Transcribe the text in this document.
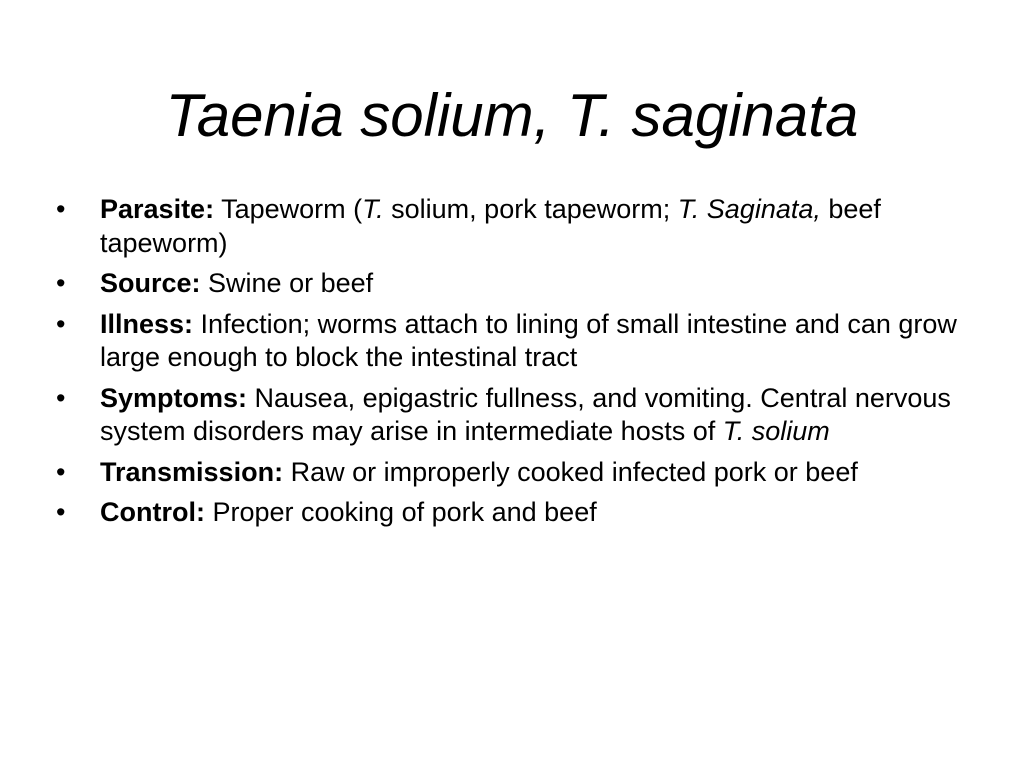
Taenia solium, T. saginata
•	Parasite: Tapeworm (T. solium, pork tapeworm; T. Saginata, beef tapeworm)
•	Source: Swine or beef
•	Illness: Infection; worms attach to lining of small intestine and can grow large enough to block the intestinal tract
•	Symptoms: Nausea, epigastric fullness, and vomiting. Central nervous system disorders may arise in intermediate hosts of T. solium
•	Transmission: Raw or improperly cooked infected pork or beef
•	Control: Proper cooking of pork and beef
